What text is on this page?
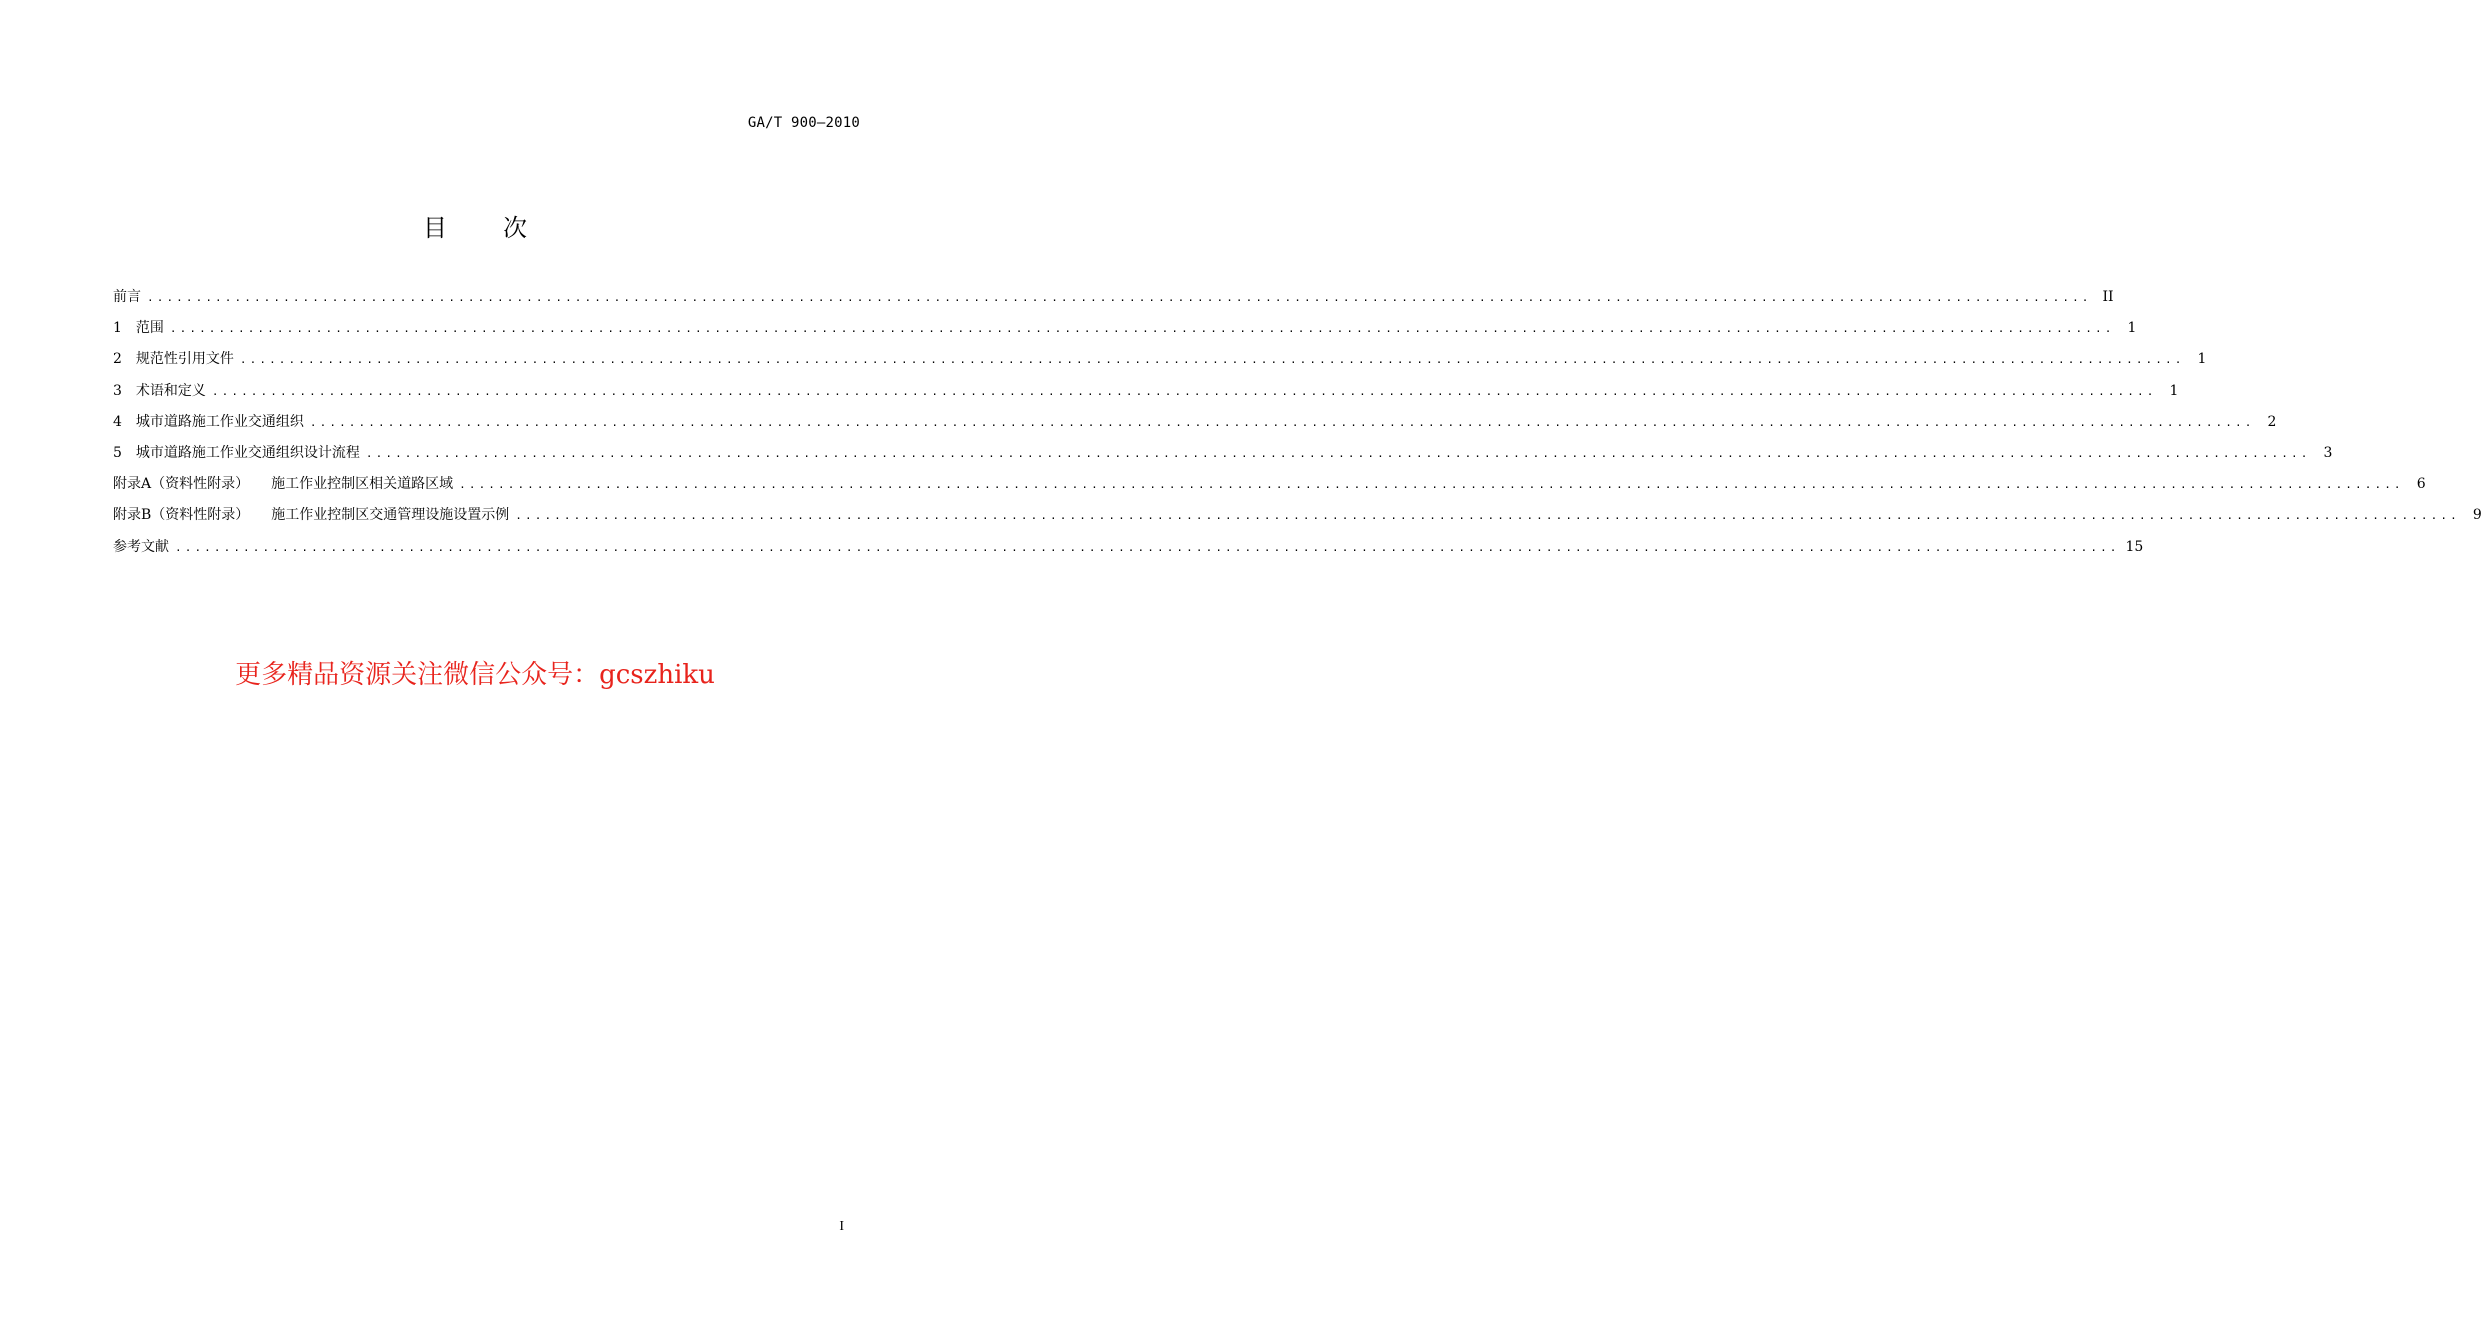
GA/T 900—2010
目 次
前言 ........................................................................................................................................................................................................ II
1 范围 ........................................................................................................................................................................................................ 1
2 规范性引用文件 ........................................................................................................................................................................................................ 1
3 术语和定义 ........................................................................................................................................................................................................ 1
4 城市道路施工作业交通组织 ........................................................................................................................................................................................................ 2
5 城市道路施工作业交通组织设计流程 ........................................................................................................................................................................................................ 3
附录A（资料性附录） 施工作业控制区相关道路区域 ........................................................................................................................................................................................................ 6
附录B（资料性附录） 施工作业控制区交通管理设施设置示例 ........................................................................................................................................................................................................ 9
参考文献 ........................................................................................................................................................................................................ 15
更多精品资源关注微信公众号：gcszhiku
I
